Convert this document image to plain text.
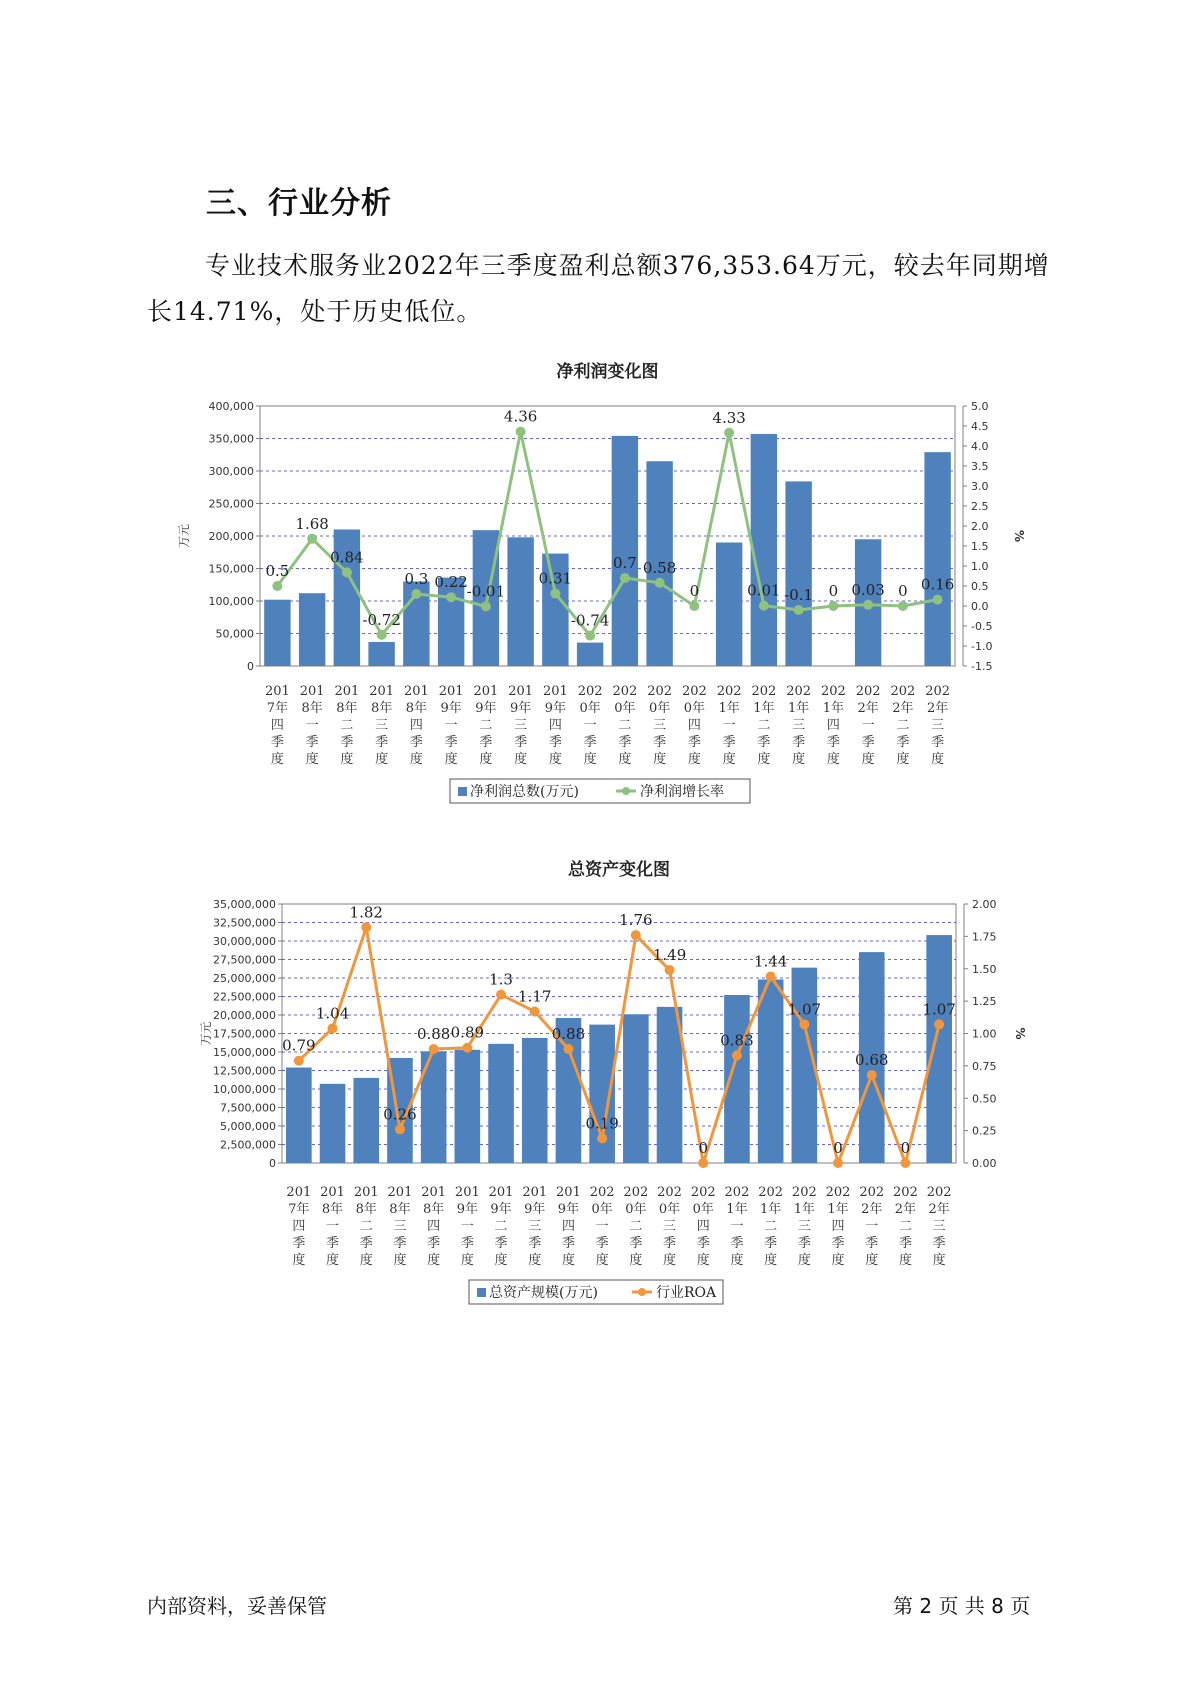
三、行业分析

专业技术服务业2022年三季度盈利总额376,353.64万元，较去年同期增长14.71%，处于历史低位。

净利润变化图
0
50,000
100,000
150,000
200,000
250,000
300,000
350,000
400,000
-1.5
-1.0
-0.5
0.0
0.5
1.0
1.5
2.0
2.5
3.0
3.5
4.0
4.5
5.0
万元	%
0.5
1.68
0.84
-0.72
0.3 0.22
-0.01
4.36
0.31
-0.74
0.7 0.58
0
4.33
0.01 -0.1 0 0.03 0 0.16
201
7年
四
季
度
201
8年
一
季
度
201
8年
二
季
度
201
8年
三
季
度
201
8年
四
季
度
201
9年
一
季
度
201
9年
二
季
度
201
9年
三
季
度
201
9年
四
季
度
202
0年
一
季
度
202
0年
二
季
度
202
0年
三
季
度
202
0年
四
季
度
202
1年
一
季
度
202
1年
二
季
度
202
1年
三
季
度
202
1年
四
季
度
202
2年
一
季
度
202
2年
二
季
度
202
2年
三
季
度
净利润总数(万元)	净利润增长率
总资产变化图
0
2,500,000
5,000,000
7,500,000
10,000,000
12,500,000
15,000,000
17,500,000
20,000,000
22,500,000
25,000,000
27,500,000
30,000,000
32,500,000
35,000,000
0.00
0.25
0.50
0.75
1.00
1.25
1.50
1.75
2.00
万元	%
0.79
1.04
1.82
0.26
0.88 0.89
1.3
1.17
0.88
0.19
1.76
1.49
0
0.83
1.44
1.07
0
0.68
0
1.07
201
7年
四
季
度
201
8年
一
季
度
201
8年
二
季
度
201
8年
三
季
度
201
8年
四
季
度
201
9年
一
季
度
201
9年
二
季
度
201
9年
三
季
度
201
9年
四
季
度
202
0年
一
季
度
202
0年
二
季
度
202
0年
三
季
度
202
0年
四
季
度
202
1年
一
季
度
202
1年
二
季
度
202
1年
三
季
度
202
1年
四
季
度
202
2年
一
季
度
202
2年
二
季
度
202
2年
三
季
度
总资产规模(万元)	行业ROA
内部资料，妥善保管	第 2 页 共 8 页
